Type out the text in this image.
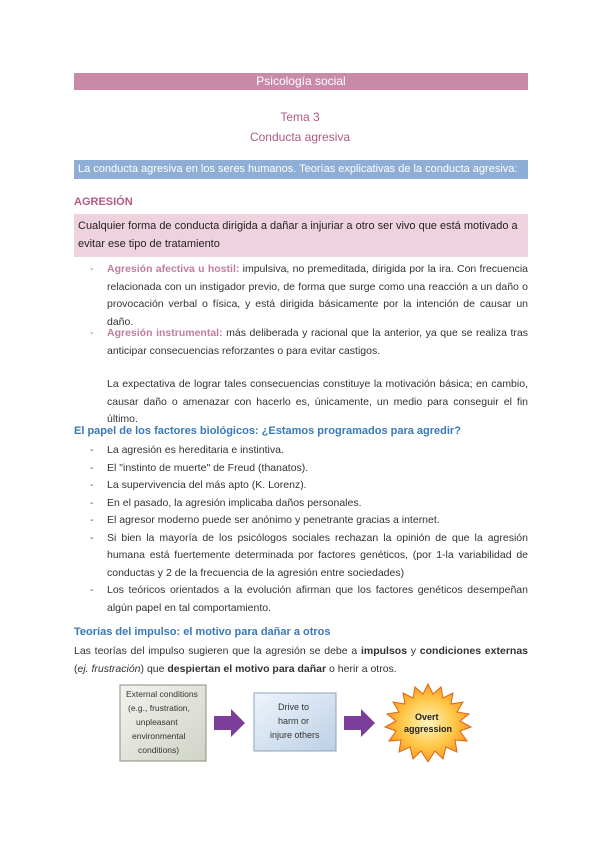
Psicología social
Tema 3
Conducta agresiva
La conducta agresiva en los seres humanos. Teorías explicativas de la conducta agresiva:
AGRESIÓN
Cualquier forma de conducta dirigida a dañar a injuriar a otro ser vivo que está motivado a evitar ese tipo de tratamiento
- Agresión afectiva u hostil: impulsiva, no premeditada, dirigida por la ira. Con frecuencia relacionada con un instigador previo, de forma que surge como una reacción a un daño o provocación verbal o física, y está dirigida básicamente por la intención de causar un daño.
- Agresión instrumental: más deliberada y racional que la anterior, ya que se realiza tras anticipar consecuencias reforzantes o para evitar castigos.
La expectativa de lograr tales consecuencias constituye la motivación básica; en cambio, causar daño o amenazar con hacerlo es, únicamente, un medio para conseguir el fin último.
El papel de los factores biológicos: ¿Estamos programados para agredir?
- La agresión es hereditaria e instintiva.
- El "instinto de muerte" de Freud (thanatos).
- La supervivencia del más apto (K. Lorenz).
- En el pasado, la agresión implicaba daños personales.
- El agresor moderno puede ser anónimo y penetrante gracias a internet.
- Si bien la mayoría de los psicólogos sociales rechazan la opinión de que la agresión humana está fuertemente determinada por factores genéticos, (por 1-la variabilidad de conductas y 2 de la frecuencia de la agresión entre sociedades)
- Los teóricos orientados a la evolución afirman que los factores genéticos desempeñan algún papel en tal comportamiento.
Teorías del impulso: el motivo para dañar a otros
Las teorías del impulso sugieren que la agresión se debe a impulsos y condiciones externas (ej. frustración) que despiertan el motivo para dañar o herir a otros.
External conditions (e.g., frustration, unpleasant environmental conditions)
Drive to harm or injure others
Overt aggression
